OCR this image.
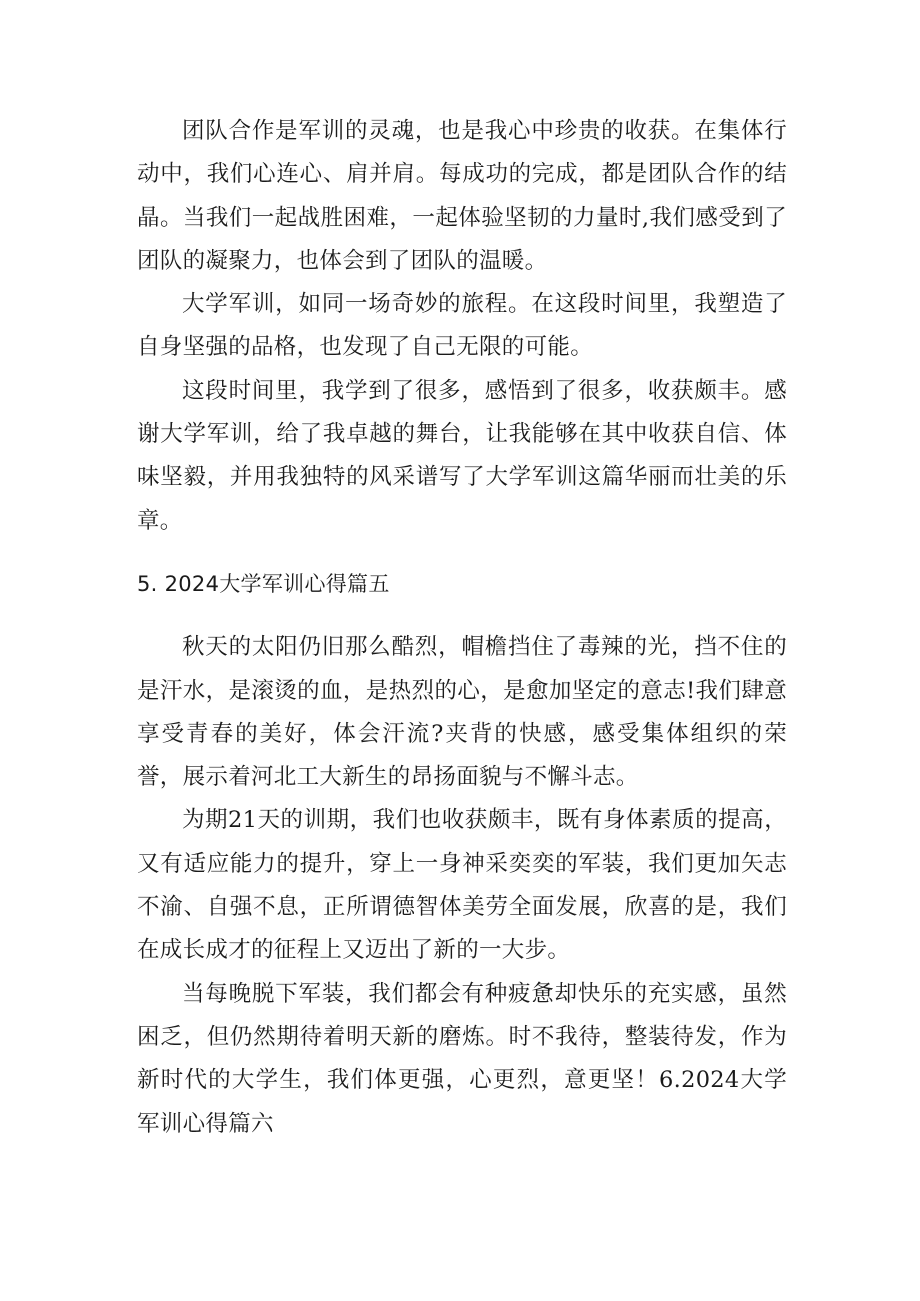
团队合作是军训的灵魂，也是我心中珍贵的收获。在集体行动中，我们心连心、肩并肩。每成功的完成，都是团队合作的结晶。当我们一起战胜困难，一起体验坚韧的力量时,我们感受到了团队的凝聚力，也体会到了团队的温暖。

大学军训，如同一场奇妙的旅程。在这段时间里，我塑造了自身坚强的品格，也发现了自己无限的可能。

这段时间里，我学到了很多，感悟到了很多，收获颇丰。感谢大学军训，给了我卓越的舞台，让我能够在其中收获自信、体味坚毅，并用我独特的风采谱写了大学军训这篇华丽而壮美的乐章。

5. 2024大学军训心得篇五

秋天的太阳仍旧那么酷烈，帽檐挡住了毒辣的光，挡不住的是汗水，是滚烫的血，是热烈的心，是愈加坚定的意志!我们肆意享受青春的美好，体会汗流?夹背的快感，感受集体组织的荣誉，展示着河北工大新生的昂扬面貌与不懈斗志。

为期21天的训期，我们也收获颇丰，既有身体素质的提高，又有适应能力的提升，穿上一身神采奕奕的军装，我们更加矢志不渝、自强不息，正所谓德智体美劳全面发展，欣喜的是，我们在成长成才的征程上又迈出了新的一大步。

当每晚脱下军装，我们都会有种疲惫却快乐的充实感，虽然困乏，但仍然期待着明天新的磨炼。时不我待，整装待发，作为新时代的大学生，我们体更强，心更烈，意更坚！6.2024大学军训心得篇六
